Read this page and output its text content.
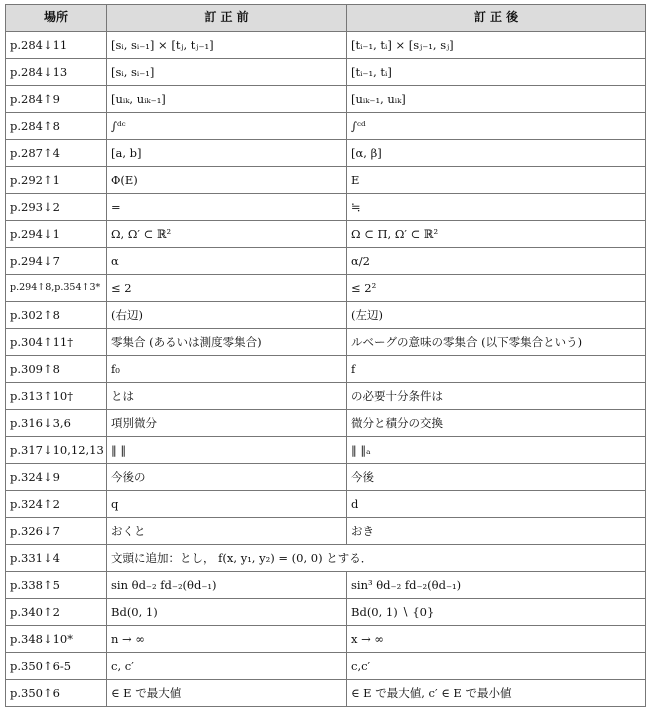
場所	訂 正 前	訂 正 後
p.284↓11	[sᵢ, sᵢ₋₁] × [tⱼ, tⱼ₋₁]	[tᵢ₋₁, tᵢ] × [sⱼ₋₁, sⱼ]
p.284↓13	[sᵢ, sᵢ₋₁]	[tᵢ₋₁, tᵢ]
p.284↑9	[uᵢₖ, uᵢₖ₋₁]	[uᵢₖ₋₁, uᵢₖ]
p.284↑8	∫ᵈᶜ	∫ᶜᵈ
p.287↑4	[a, b]	[α, β]
p.292↑1	Φ(E)	E
p.293↓2	=	≒
p.294↓1	Ω, Ω′ ⊂ ℝ²	Ω ⊂ Π, Ω′ ⊂ ℝ²
p.294↓7	α	α/2
p.294↑8,p.354↑3*	≤ 2	≤ 2²
p.302↑8	(右辺)	(左辺)
p.304↑11†	零集合 (あるいは測度零集合)	ルベーグの意味の零集合 (以下零集合という)
p.309↑8	f₀	f
p.313↑10†	とは	の必要十分条件は
p.316↓3,6	項別微分	微分と積分の交換
p.317↓10,12,13	‖ ‖	‖ ‖ₐ
p.324↓9	今後の	今後
p.324↑2	q	d
p.326↓7	おくと	おき
p.331↓4	文頭に追加：とし， f(x, y₁, y₂) = (0, 0) とする．	
p.338↑5	sin θd₋₂ fd₋₂(θd₋₁)	sin³ θd₋₂ fd₋₂(θd₋₁)
p.340↑2	Bd(0, 1)	Bd(0, 1) ∖ {0}
p.348↓10*	n → ∞	x → ∞
p.350↑6-5	c, c′	c,c′
p.350↑6	∈ E で最大値	∈ E で最大値, c′ ∈ E で最小値
